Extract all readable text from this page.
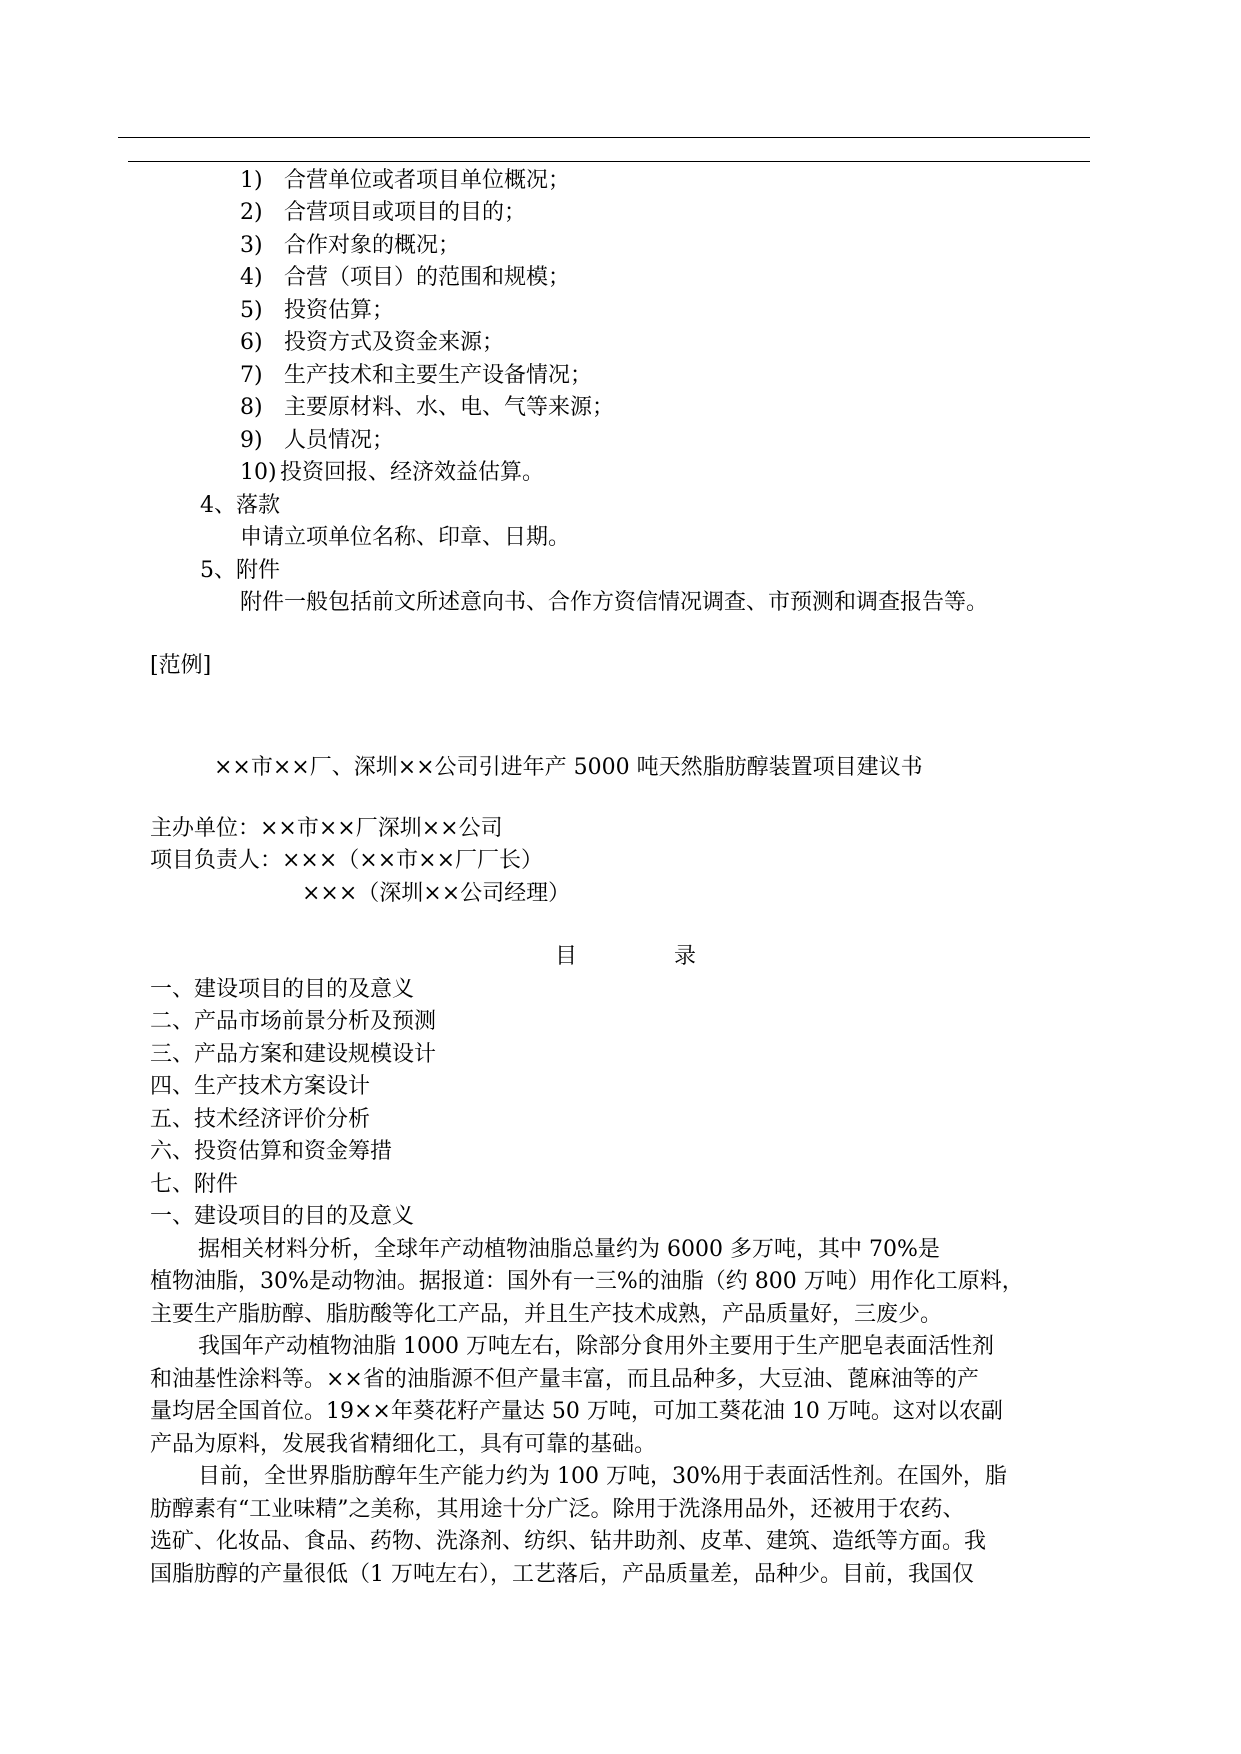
1) 合营单位或者项目单位概况；
2) 合营项目或项目的目的；
3) 合作对象的概况；
4) 合营（项目）的范围和规模；
5) 投资估算；
6) 投资方式及资金来源；
7) 生产技术和主要生产设备情况；
8) 主要原材料、水、电、气等来源；
9) 人员情况；
10) 投资回报、经济效益估算。
4、落款
申请立项单位名称、印章、日期。
5、附件
附件一般包括前文所述意向书、合作方资信情况调查、市预测和调查报告等。
[范例]
××市××厂、深圳××公司引进年产 5000 吨天然脂肪醇装置项目建议书
主办单位：××市××厂深圳××公司
项目负责人：×××（××市××厂厂长）
×××（深圳××公司经理）
目	录
一、建设项目的目的及意义
二、产品市场前景分析及预测
三、产品方案和建设规模设计
四、生产技术方案设计
五、技术经济评价分析
六、投资估算和资金筹措
七、附件
一、建设项目的目的及意义
据相关材料分析，全球年产动植物油脂总量约为 6000 多万吨，其中 70%是
植物油脂，30%是动物油。据报道：国外有一三%的油脂（约 800 万吨）用作化工原料，
主要生产脂肪醇、脂肪酸等化工产品，并且生产技术成熟，产品质量好，三废少。
我国年产动植物油脂 1000 万吨左右，除部分食用外主要用于生产肥皂表面活性剂
和油基性涂料等。××省的油脂源不但产量丰富，而且品种多，大豆油、蓖麻油等的产
量均居全国首位。19××年葵花籽产量达 50 万吨，可加工葵花油 10 万吨。这对以农副
产品为原料，发展我省精细化工，具有可靠的基础。
目前，全世界脂肪醇年生产能力约为 100 万吨，30%用于表面活性剂。在国外，脂
肪醇素有“工业味精”之美称，其用途十分广泛。除用于洗涤用品外，还被用于农药、
选矿、化妆品、食品、药物、洗涤剂、纺织、钻井助剂、皮革、建筑、造纸等方面。我
国脂肪醇的产量很低（1 万吨左右），工艺落后，产品质量差，品种少。目前，我国仅
